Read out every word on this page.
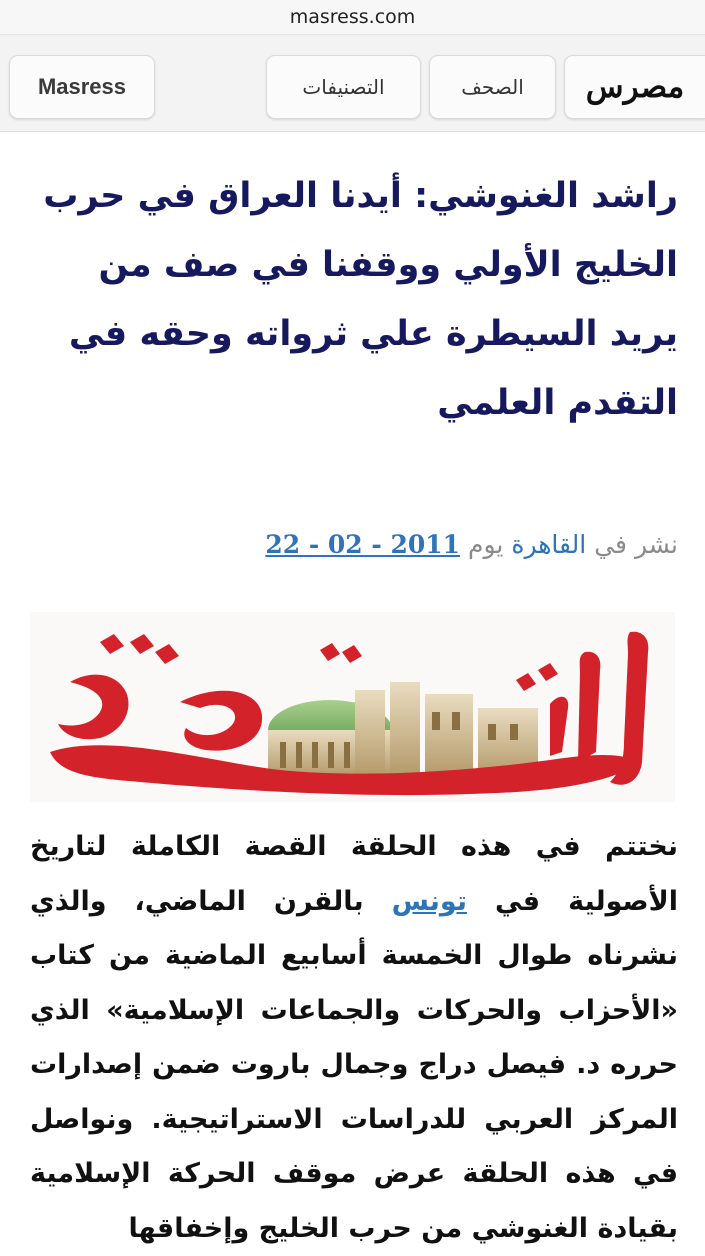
masress.com
Masress	التصنيفات	الصحف	مصرس
راشد الغنوشي: أيدنا العراق في حرب الخليج الأولي ووقفنا في صف من يريد السيطرة علي ثرواته وحقه في التقدم العلمي
نشر في القاهرة يوم 22 - 02 - 2011
نختتم في هذه الحلقة القصة الكاملة لتاريخ الأصولية في تونس بالقرن الماضي، والذي نشرناه طوال الخمسة أسابيع الماضية من كتاب «الأحزاب والحركات والجماعات الإسلامية» الذي حرره د. فيصل دراج وجمال باروت ضمن إصدارات المركز العربي للدراسات الاستراتيجية. ونواصل في هذه الحلقة عرض موقف الحركة الإسلامية بقيادة الغنوشي من حرب الخليج وإخفاقها
